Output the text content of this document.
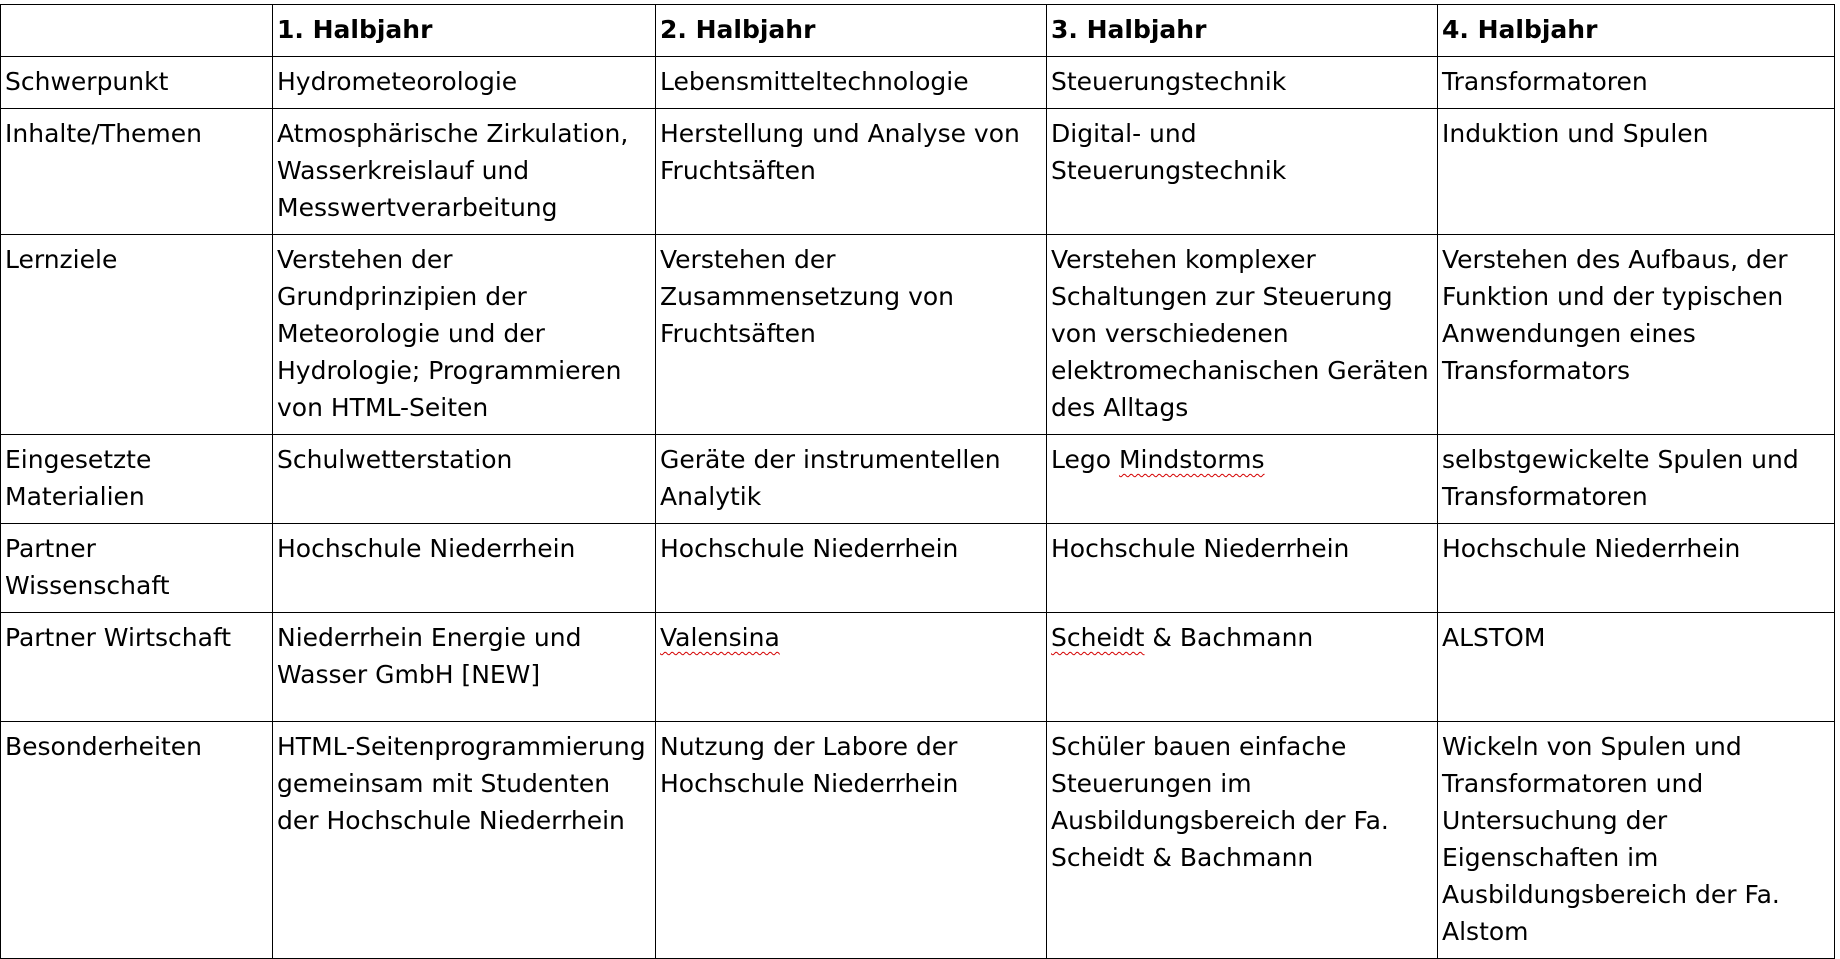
	1. Halbjahr	2. Halbjahr	3. Halbjahr	4. Halbjahr
Schwerpunkt	Hydrometeorologie	Lebensmitteltechnologie	Steuerungstechnik	Transformatoren
Inhalte/Themen	Atmosphärische Zirkulation, Wasserkreislauf und Messwertverarbeitung	Herstellung und Analyse von Fruchtsäften	Digital- und Steuerungstechnik	Induktion und Spulen
Lernziele	Verstehen der Grundprinzipien der Meteorologie und der Hydrologie; Programmieren von HTML-Seiten	Verstehen der Zusammensetzung von Fruchtsäften	Verstehen komplexer Schaltungen zur Steuerung von verschiedenen elektromechanischen Geräten des Alltags	Verstehen des Aufbaus, der Funktion und der typischen Anwendungen eines Transformators
Eingesetzte Materialien	Schulwetterstation	Geräte der instrumentellen Analytik	Lego Mindstorms	selbstgewickelte Spulen und Transformatoren
Partner Wissenschaft	Hochschule Niederrhein	Hochschule Niederrhein	Hochschule Niederrhein	Hochschule Niederrhein
Partner Wirtschaft	Niederrhein Energie und Wasser GmbH [NEW]	Valensina	Scheidt & Bachmann	ALSTOM
Besonderheiten	HTML-Seitenprogrammierung gemeinsam mit Studenten der Hochschule Niederrhein	Nutzung der Labore der Hochschule Niederrhein	Schüler bauen einfache Steuerungen im Ausbildungsbereich der Fa. Scheidt & Bachmann	Wickeln von Spulen und Transformatoren und Untersuchung der Eigenschaften im Ausbildungsbereich der Fa. Alstom
